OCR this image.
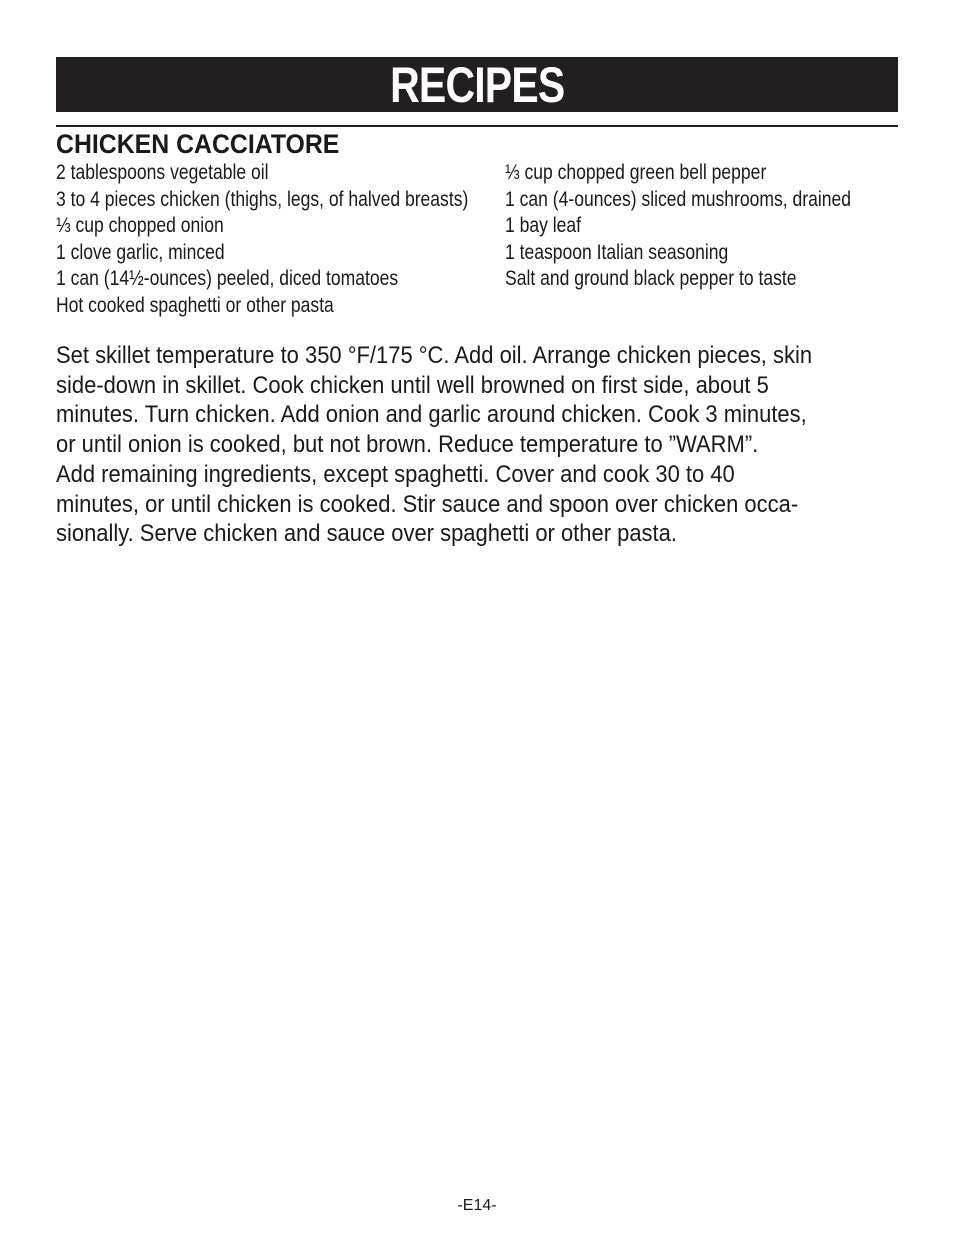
RECIPES
CHICKEN CACCIATORE
2 tablespoons vegetable oil
3 to 4 pieces chicken (thighs, legs, of halved breasts)
⅓ cup chopped onion
1 clove garlic, minced
1 can (14½-ounces) peeled, diced tomatoes
Hot cooked spaghetti or other pasta
⅓ cup chopped green bell pepper
1 can (4-ounces) sliced mushrooms, drained
1 bay leaf
1 teaspoon Italian seasoning
Salt and ground black pepper to taste
Set skillet temperature to 350 °F/175 °C. Add oil. Arrange chicken pieces, skin
side-down in skillet. Cook chicken until well browned on first side, about 5
minutes. Turn chicken. Add onion and garlic around chicken. Cook 3 minutes,
or until onion is cooked, but not brown. Reduce temperature to ”WARM”.
Add remaining ingredients, except spaghetti. Cover and cook 30 to 40
minutes, or until chicken is cooked. Stir sauce and spoon over chicken occa-
sionally. Serve chicken and sauce over spaghetti or other pasta.
-E14-
